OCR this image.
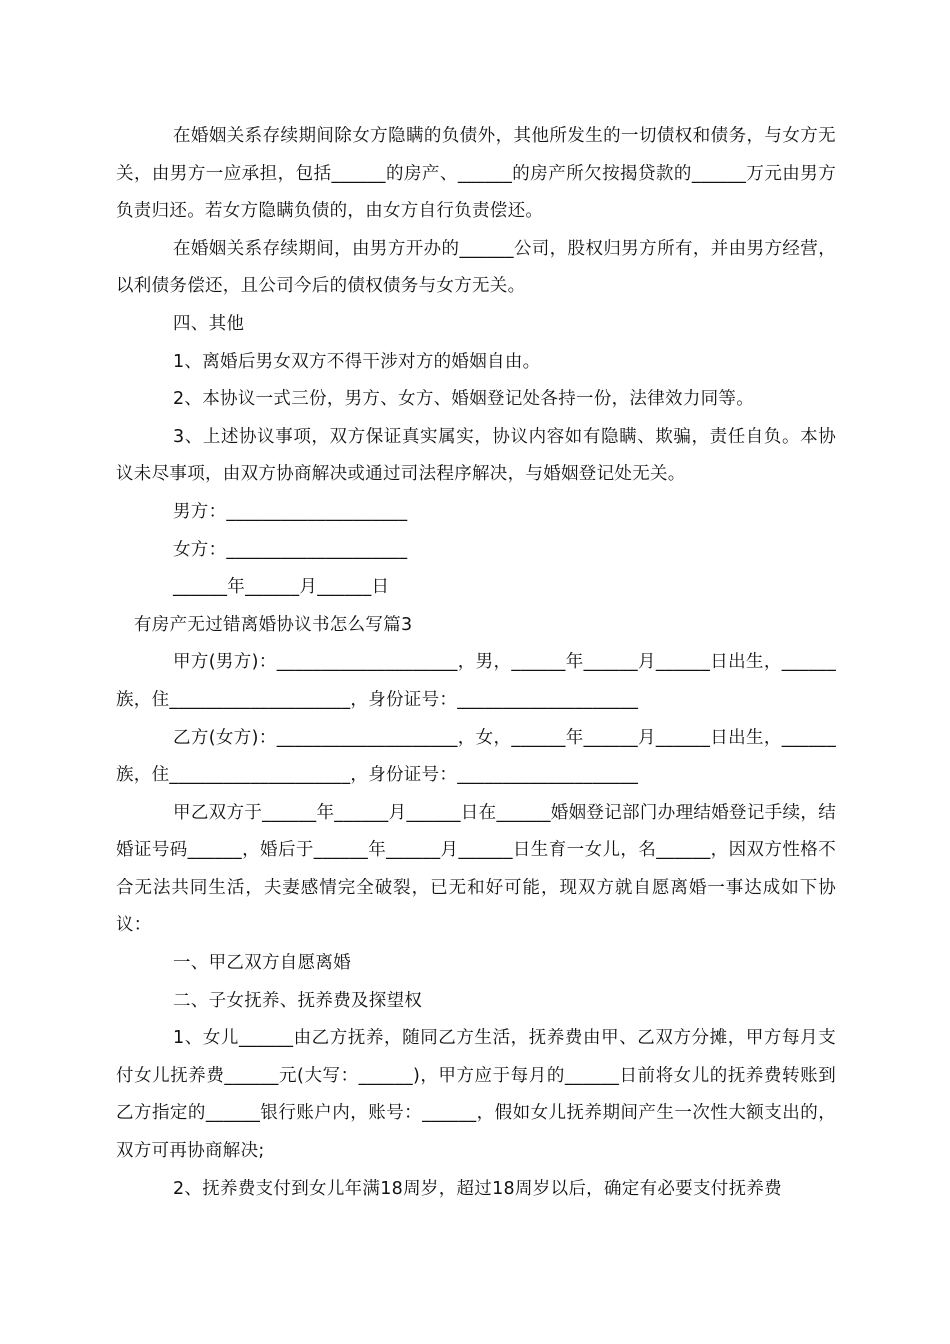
在婚姻关系存续期间除女方隐瞒的负债外，其他所发生的一切债权和债务，与女方无关，由男方一应承担，包括______的房产、______的房产所欠按揭贷款的______万元由男方负责归还。若女方隐瞒负债的，由女方自行负责偿还。

在婚姻关系存续期间，由男方开办的______公司，股权归男方所有，并由男方经营，以利债务偿还，且公司今后的债权债务与女方无关。

四、其他

1、离婚后男女双方不得干涉对方的婚姻自由。

2、本协议一式三份，男方、女方、婚姻登记处各持一份，法律效力同等。

3、上述协议事项，双方保证真实属实，协议内容如有隐瞒、欺骗，责任自负。本协议未尽事项，由双方协商解决或通过司法程序解决，与婚姻登记处无关。

男方：____________________

女方：____________________

______年______月______日

有房产无过错离婚协议书怎么写篇3

甲方(男方)：____________________，男，______年______月______日出生，______族，住____________________，身份证号：____________________

乙方(女方)：____________________，女，______年______月______日出生，______族，住____________________，身份证号：____________________

甲乙双方于______年______月______日在______婚姻登记部门办理结婚登记手续，结婚证号码______，婚后于______年______月______日生育一女儿，名______，因双方性格不合无法共同生活，夫妻感情完全破裂，已无和好可能，现双方就自愿离婚一事达成如下协议：

一、甲乙双方自愿离婚

二、子女抚养、抚养费及探望权

1、女儿______由乙方抚养，随同乙方生活，抚养费由甲、乙双方分摊，甲方每月支付女儿抚养费______元(大写：______)，甲方应于每月的______日前将女儿的抚养费转账到乙方指定的______银行账户内，账号：______，假如女儿抚养期间产生一次性大额支出的，双方可再协商解决;

2、抚养费支付到女儿年满18周岁，超过18周岁以后，确定有必要支付抚养费
